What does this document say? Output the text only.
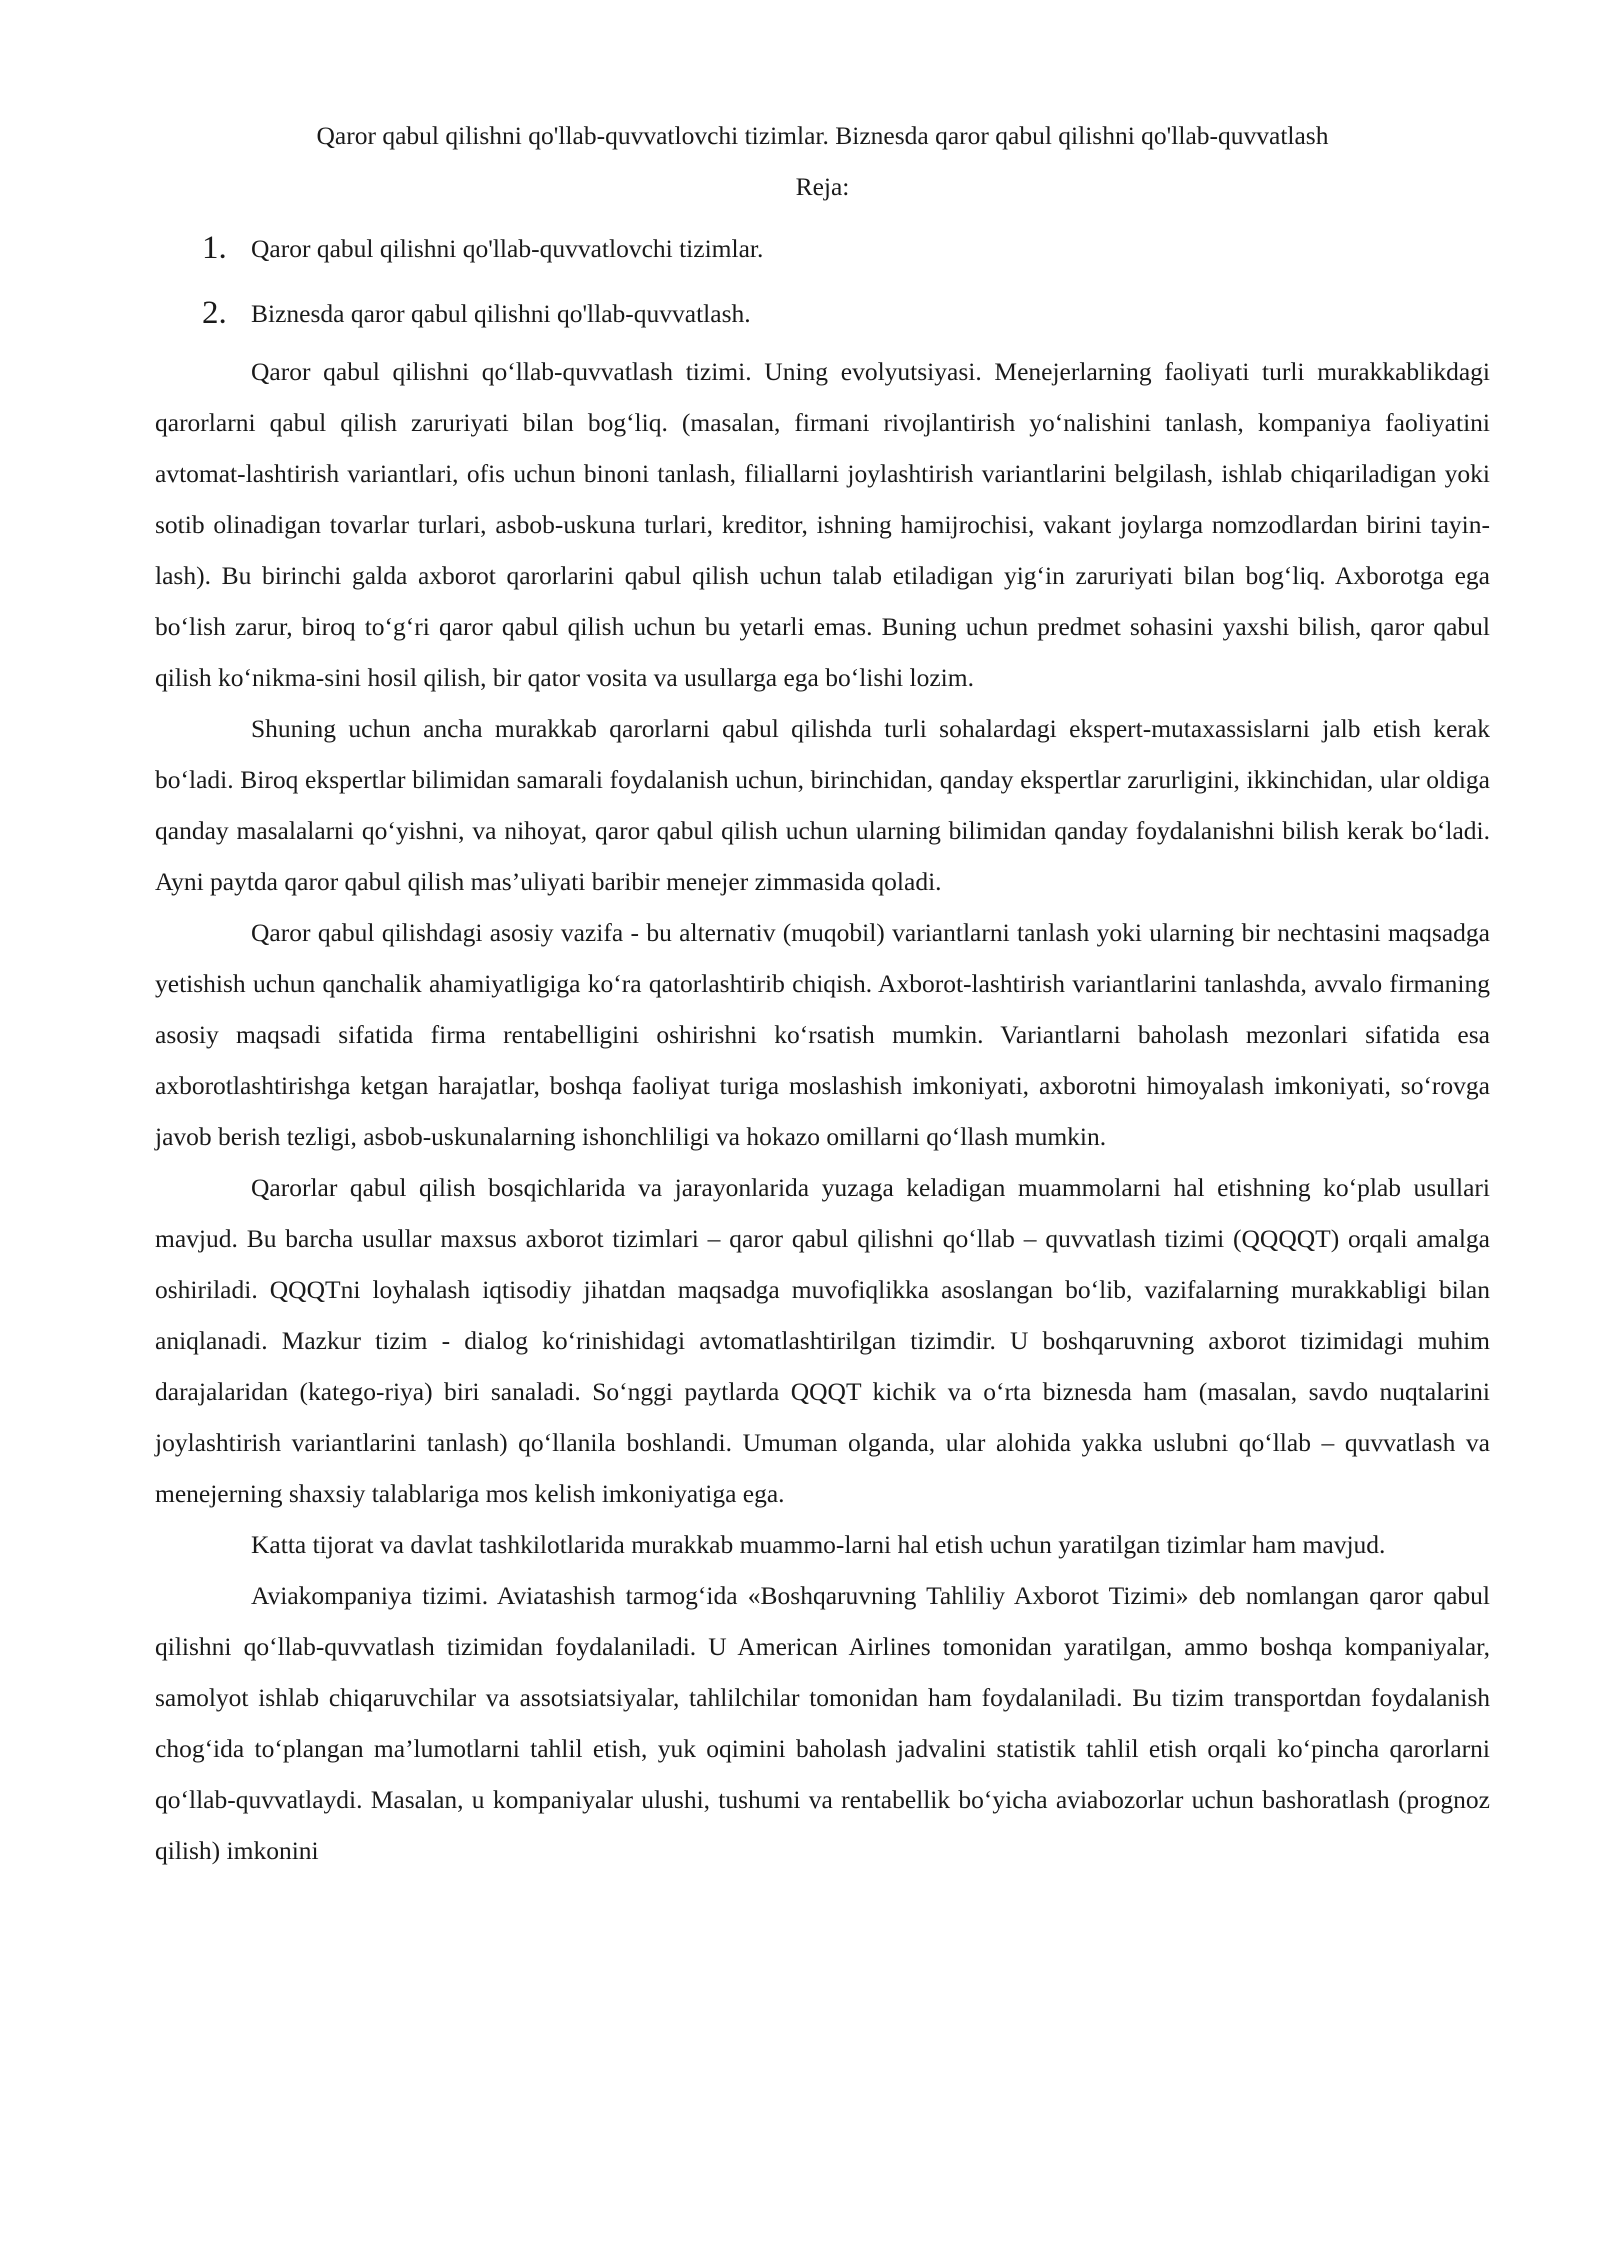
Qaror qabul qilishni qo'llab-quvvatlovchi tizimlar. Biznesda qaror qabul qilishni qo'llab-quvvatlash
Reja:
1. Qaror qabul qilishni qo'llab-quvvatlovchi tizimlar.
2. Biznesda qaror qabul qilishni qo'llab-quvvatlash.

Qaror qabul qilishni qo‘llab-quvvatlash tizimi. Uning evolyutsiyasi. Menejerlarning faoliyati turli murakkablikdagi qarorlarni qabul qilish zaruriyati bilan bog‘liq. (masalan, firmani rivojlantirish yo‘nalishini tanlash, kompaniya faoliyatini avtomat-lashtirish variantlari, ofis uchun binoni tanlash, filiallarni joylashtirish variantlarini belgilash, ishlab chiqariladigan yoki sotib olinadigan tovarlar turlari, asbob-uskuna turlari, kreditor, ishning hamijrochisi, vakant joylarga nomzodlardan birini tayin-lash). Bu birinchi galda axborot qarorlarini qabul qilish uchun talab etiladigan yig‘in zaruriyati bilan bog‘liq. Axborotga ega bo‘lish zarur, biroq to‘g‘ri qaror qabul qilish uchun bu yetarli emas. Buning uchun predmet sohasini yaxshi bilish, qaror qabul qilish ko‘nikma-sini hosil qilish, bir qator vosita va usullarga ega bo‘lishi lozim.

Shuning uchun ancha murakkab qarorlarni qabul qilishda turli sohalardagi ekspert-mutaxassislarni jalb etish kerak bo‘ladi. Biroq ekspertlar bilimidan samarali foydalanish uchun, birinchidan, qanday ekspertlar zarurligini, ikkinchidan, ular oldiga qanday masalalarni qo‘yishni, va nihoyat, qaror qabul qilish uchun ularning bilimidan qanday foydalanishni bilish kerak bo‘ladi. Ayni paytda qaror qabul qilish mas’uliyati baribir menejer zimmasida qoladi.

Qaror qabul qilishdagi asosiy vazifa - bu alternativ (muqobil) variantlarni tanlash yoki ularning bir nechtasini maqsadga yetishish uchun qanchalik ahamiyatligiga ko‘ra qatorlashtirib chiqish. Axborot-lashtirish variantlarini tanlashda, avvalo firmaning asosiy maqsadi sifatida firma rentabelligini oshirishni ko‘rsatish mumkin. Variantlarni baholash mezonlari sifatida esa axborotlashtirishga ketgan harajatlar, boshqa faoliyat turiga moslashish imkoniyati, axborotni himoyalash imkoniyati, so‘rovga javob berish tezligi, asbob-uskunalarning ishonchliligi va hokazo omillarni qo‘llash mumkin.

Qarorlar qabul qilish bosqichlarida va jarayonlarida yuzaga keladigan muammolarni hal etishning ko‘plab usullari mavjud. Bu barcha usullar maxsus axborot tizimlari – qaror qabul qilishni qo‘llab – quvvatlash tizimi (QQQQT) orqali amalga oshiriladi. QQQTni loyhalash iqtisodiy jihatdan maqsadga muvofiqlikka asoslangan bo‘lib, vazifalarning murakkabligi bilan aniqlanadi. Mazkur tizim - dialog ko‘rinishidagi avtomatlashtirilgan tizimdir. U boshqaruvning axborot tizimidagi muhim darajalaridan (katego-riya) biri sanaladi. So‘nggi paytlarda QQQT kichik va o‘rta biznesda ham (masalan, savdo nuqtalarini joylashtirish variantlarini tanlash) qo‘llanila boshlandi. Umuman olganda, ular alohida yakka uslubni qo‘llab – quvvatlash va menejerning shaxsiy talablariga mos kelish imkoniyatiga ega.

Katta tijorat va davlat tashkilotlarida murakkab muammo-larni hal etish uchun yaratilgan tizimlar ham mavjud.

Aviakompaniya tizimi. Aviatashish tarmog‘ida «Boshqaruvning Tahliliy Axborot Tizimi» deb nomlangan qaror qabul qilishni qo‘llab-quvvatlash tizimidan foydalaniladi. U American Airlines tomonidan yaratilgan, ammo boshqa kompaniyalar, samolyot ishlab chiqaruvchilar va assotsiatsiyalar, tahlilchilar tomonidan ham foydalaniladi. Bu tizim transportdan foydalanish chog‘ida to‘plangan ma’lumotlarni tahlil etish, yuk oqimini baholash jadvalini statistik tahlil etish orqali ko‘pincha qarorlarni qo‘llab-quvvatlaydi. Masalan, u kompaniyalar ulushi, tushumi va rentabellik bo‘yicha aviabozorlar uchun bashoratlash (prognoz qilish) imkonini
